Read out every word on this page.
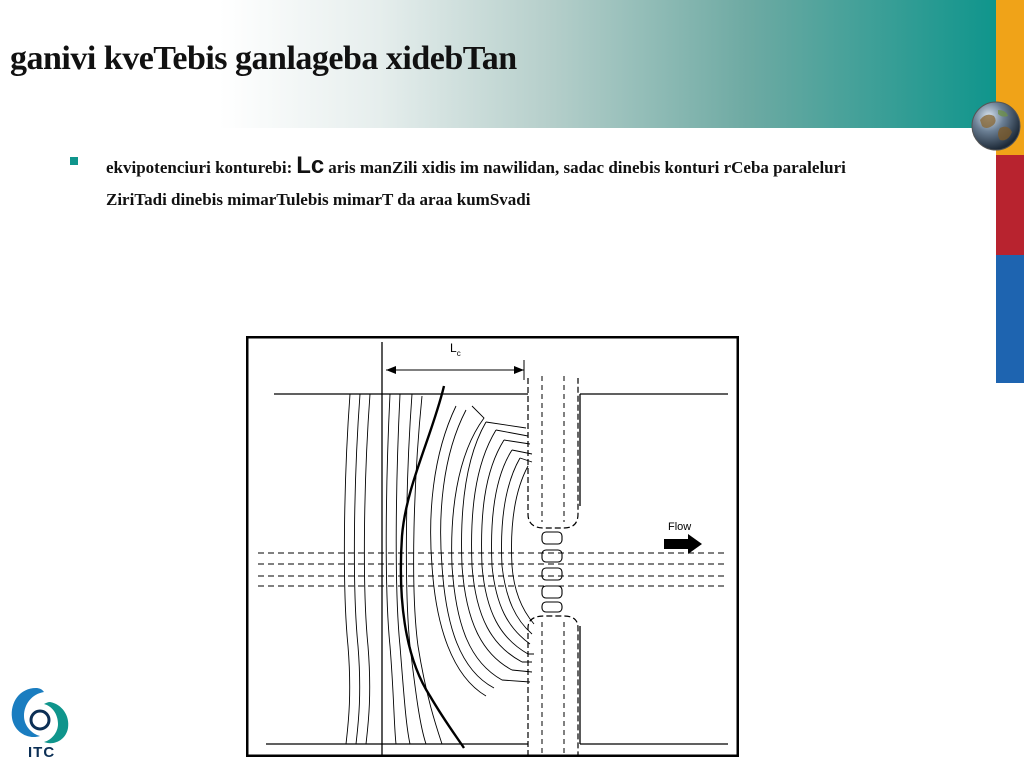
ganivi kveTebis ganlageba xidebTan
ekvipotenciuri konturebi: Lc aris manZili xidis im nawilidan, sadac dinebis konturi rCeba paraleluri ZiriTadi dinebis mimarTulebis mimarT da araa kumSvadi
$L_c$
Flow
ITC
